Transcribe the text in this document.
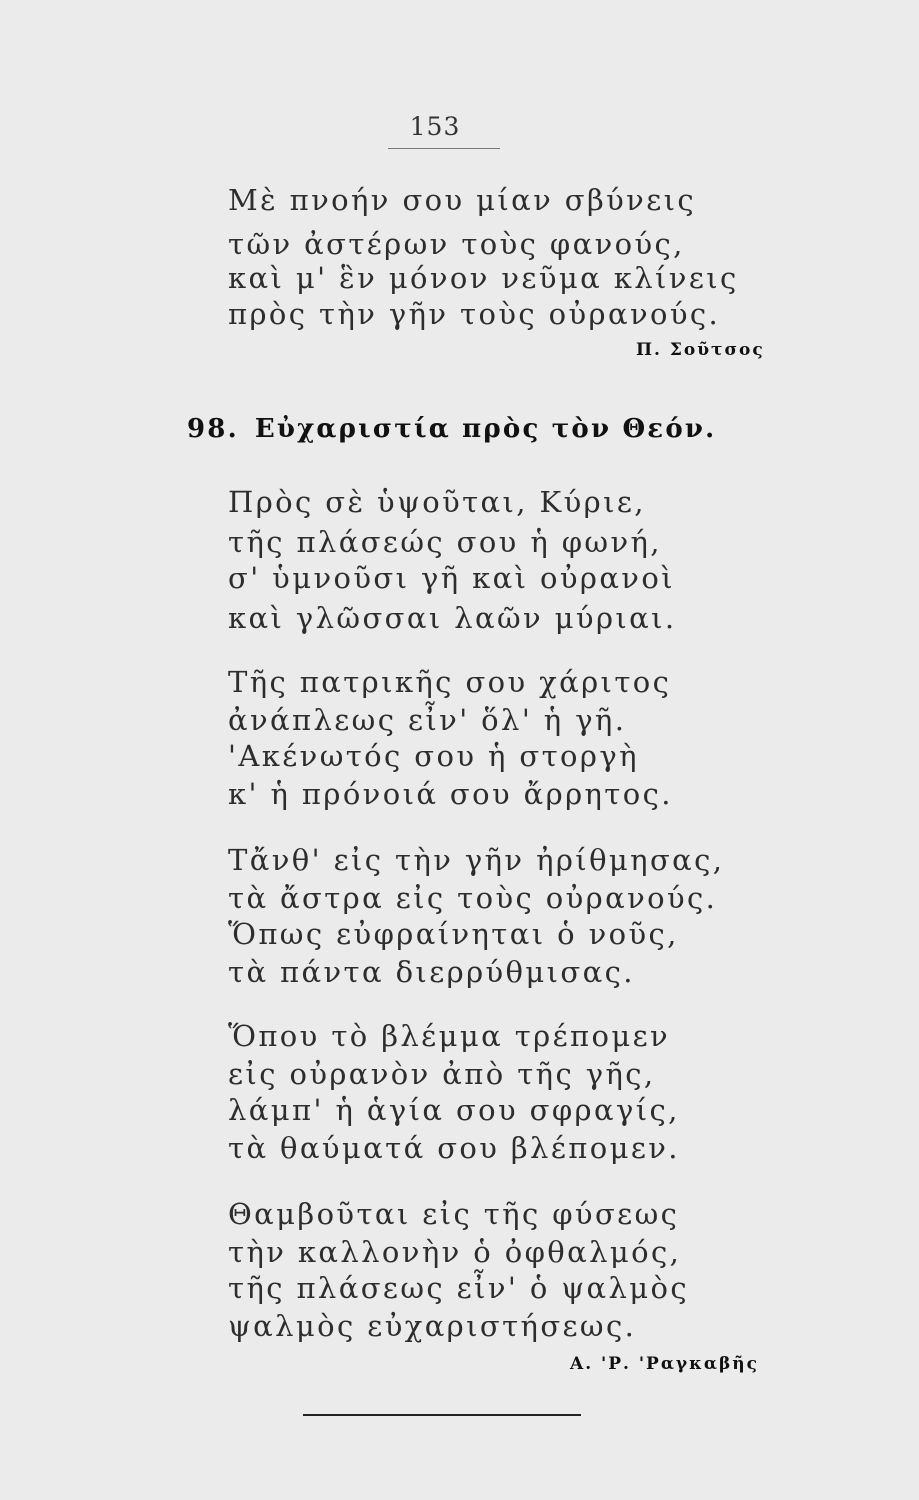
153
Μὲ πνοήν σου μίαν σβύνεις
τῶν ἀστέρων τοὺς φανούς,
καὶ μ' ἓν μόνον νεῦμα κλίνεις
πρὸς τὴν γῆν τοὺς οὐρανούς.
Π. Σοῦτσος
98. Εὐχαριστία πρὸς τὸν Θεόν.
Πρὸς σὲ ὑψοῦται, Κύριε,
τῆς πλάσεώς σου ἡ φωνή,
σ' ὑμνοῦσι γῆ καὶ οὐρανοὶ
καὶ γλῶσσαι λαῶν μύριαι.
Τῆς πατρικῆς σου χάριτος
ἀνάπλεως εἶν' ὅλ' ἡ γῆ.
'Ακένωτός σου ἡ στοργὴ
κ' ἡ πρόνοιά σου ἄρρητος.
Τἄνθ' εἰς τὴν γῆν ἠρίθμησας,
τὰ ἄστρα εἰς τοὺς οὐρανούς.
Ὅπως εὐφραίνηται ὁ νοῦς,
τὰ πάντα διερρύθμισας.
Ὅπου τὸ βλέμμα τρέπομεν
εἰς οὐρανὸν ἀπὸ τῆς γῆς,
λάμπ' ἡ ἁγία σου σφραγίς,
τὰ θαύματά σου βλέπομεν.
Θαμβοῦται εἰς τῆς φύσεως
τὴν καλλονὴν ὁ ὀφθαλμός,
τῆς πλάσεως εἶν' ὁ ψαλμὸς
ψαλμὸς εὐχαριστήσεως.
Α. 'Ρ. 'Ραγκαβῆς
